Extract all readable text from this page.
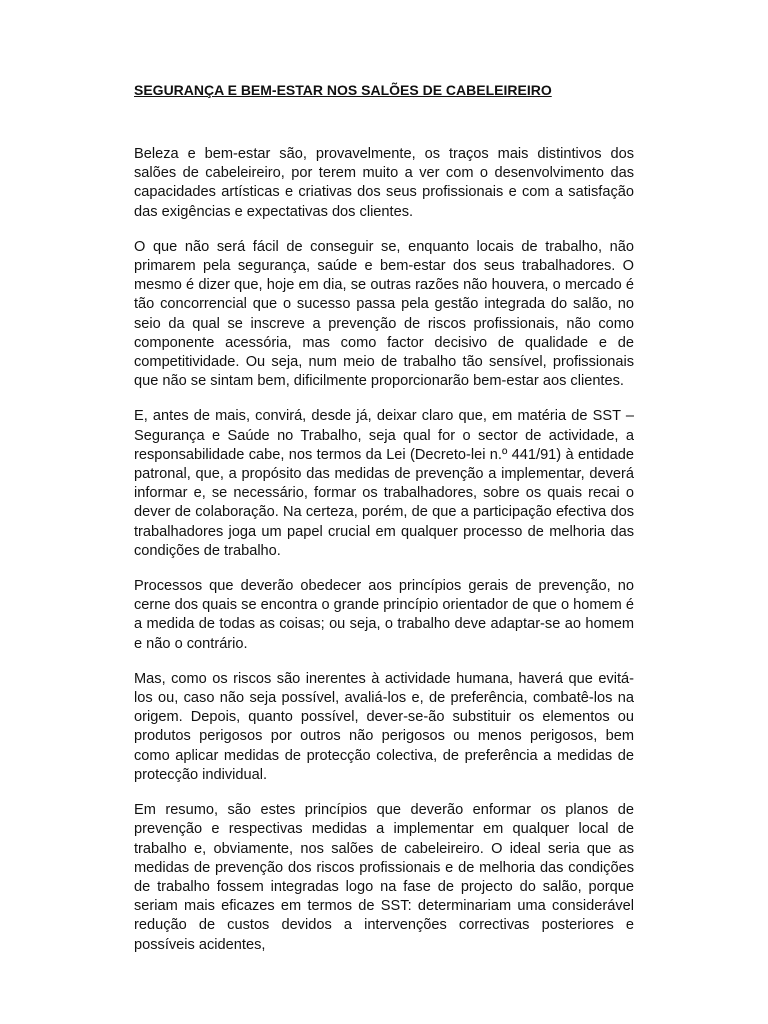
SEGURANÇA E BEM-ESTAR NOS SALÕES DE CABELEIREIRO

Beleza e bem-estar são, provavelmente, os traços mais distintivos dos salões de cabeleireiro, por terem muito a ver com o desenvolvimento das capacidades artísticas e criativas dos seus profissionais e com a satisfação das exigências e expectativas dos clientes.

O que não será fácil de conseguir se, enquanto locais de trabalho, não primarem pela segurança, saúde e bem-estar dos seus trabalhadores. O mesmo é dizer que, hoje em dia, se outras razões não houvera, o mercado é tão concorrencial que o sucesso passa pela gestão integrada do salão, no seio da qual se inscreve a prevenção de riscos profissionais, não como componente acessória, mas como factor decisivo de qualidade e de competitividade. Ou seja, num meio de trabalho tão sensível, profissionais que não se sintam bem, dificilmente proporcionarão bem-estar aos clientes.

E, antes de mais, convirá, desde já, deixar claro que, em matéria de SST – Segurança e Saúde no Trabalho, seja qual for o sector de actividade, a responsabilidade cabe, nos termos da Lei (Decreto-lei n.º 441/91) à entidade patronal, que, a propósito das medidas de prevenção a implementar, deverá informar e, se necessário, formar os trabalhadores, sobre os quais recai o dever de colaboração. Na certeza, porém, de que a participação efectiva dos trabalhadores joga um papel crucial em qualquer processo de melhoria das condições de trabalho.

Processos que deverão obedecer aos princípios gerais de prevenção, no cerne dos quais se encontra o grande princípio orientador de que o homem é a medida de todas as coisas; ou seja, o trabalho deve adaptar-se ao homem e não o contrário.

Mas, como os riscos são inerentes à actividade humana, haverá que evitá-los ou, caso não seja possível, avaliá-los e, de preferência, combatê-los na origem. Depois, quanto possível, dever-se-ão substituir os elementos ou produtos perigosos por outros não perigosos ou menos perigosos, bem como aplicar medidas de protecção colectiva, de preferência a medidas de protecção individual.

Em resumo, são estes princípios que deverão enformar os planos de prevenção e respectivas medidas a implementar em qualquer local de trabalho e, obviamente, nos salões de cabeleireiro. O ideal seria que as medidas de prevenção dos riscos profissionais e de melhoria das condições de trabalho fossem integradas logo na fase de projecto do salão, porque seriam mais eficazes em termos de SST: determinariam uma considerável redução de custos devidos a intervenções correctivas posteriores e possíveis acidentes,
